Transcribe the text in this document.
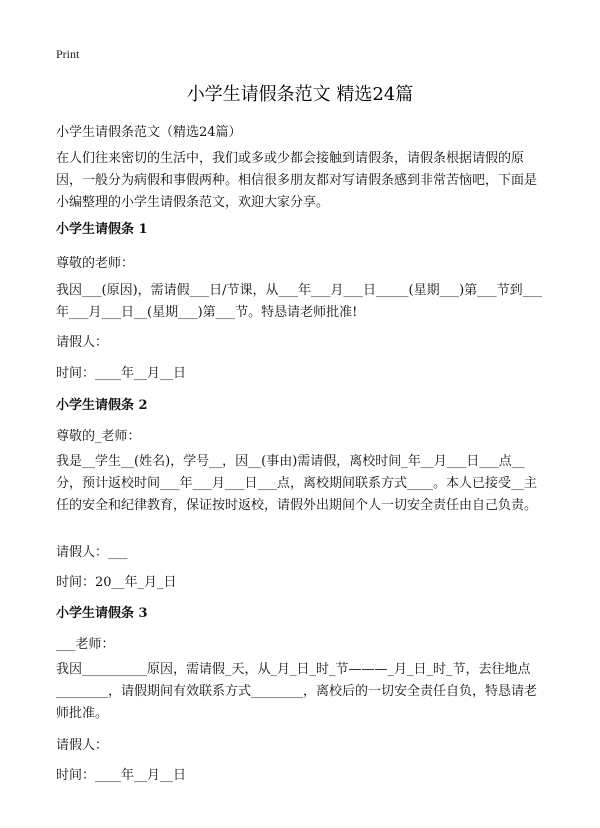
Print
小学生请假条范文 精选24篇
小学生请假条范文（精选24篇）
在人们往来密切的生活中，我们或多或少都会接触到请假条，请假条根据请假的原因，一般分为病假和事假两种。相信很多朋友都对写请假条感到非常苦恼吧，下面是小编整理的小学生请假条范文，欢迎大家分享。
小学生请假条 1
尊敬的老师：
我因___(原因)，需请假___日/节课，从___年___月___日_____(星期___)第___节到___年___月___日__(星期___)第___节。特恳请老师批准!
请假人：
时间：____年__月__日
小学生请假条 2
尊敬的_老师：
我是__学生__(姓名)，学号__，因__(事由)需请假，离校时间_年__月___日___点__分，预计返校时间___年___月___日___点，离校期间联系方式____。本人已接受__主任的安全和纪律教育，保证按时返校，请假外出期间个人一切安全责任由自己负责。
请假人：___
时间：20__年_月_日
小学生请假条 3
___老师：
我因__________原因，需请假_天，从_月_日_时_节———_月_日_时_节，去往地点________，请假期间有效联系方式________，离校后的一切安全责任自负，特恳请老师批准。
请假人：
时间：____年__月__日
